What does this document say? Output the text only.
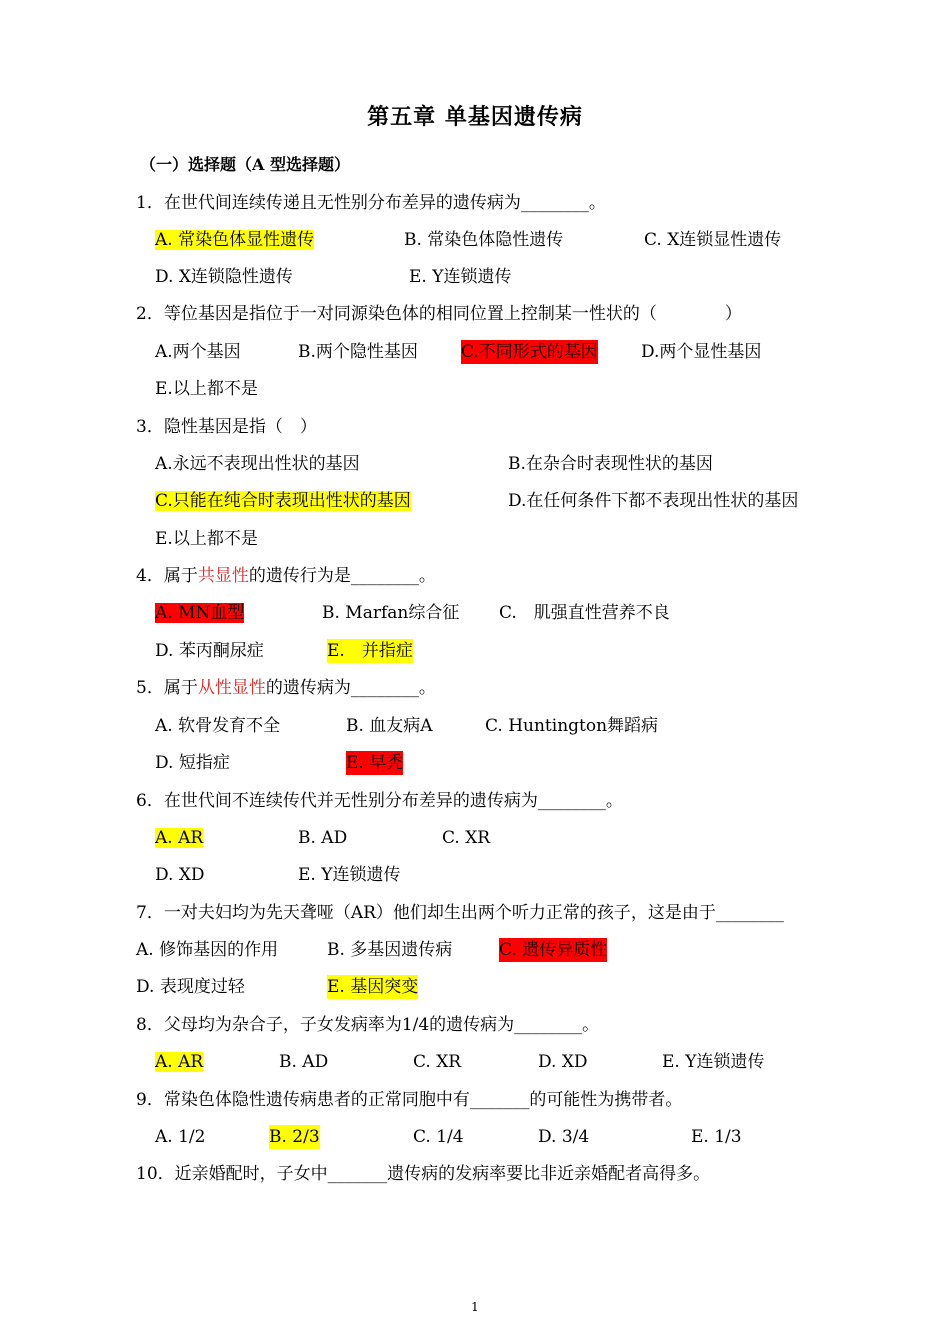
第五章 单基因遗传病
（一）选择题（A 型选择题）
1．在世代间连续传递且无性别分布差异的遗传病为________。
A. 常染色体显性遗传	B. 常染色体隐性遗传	C. X连锁显性遗传
D. X连锁隐性遗传	E. Y连锁遗传
2．等位基因是指位于一对同源染色体的相同位置上控制某一性状的（　　　　）
A.两个基因	B.两个隐性基因	C.不同形式的基因	D.两个显性基因
E.以上都不是
3．隐性基因是指（　）
A.永远不表现出性状的基因	B.在杂合时表现性状的基因
C.只能在纯合时表现出性状的基因	D.在任何条件下都不表现出性状的基因
E.以上都不是
4．属于共显性的遗传行为是________。
A. MN血型	B. Marfan综合征 C.　肌强直性营养不良
D. 苯丙酮尿症	E.　并指症
5．属于从性显性的遗传病为________。
A. 软骨发育不全	B. 血友病A	C. Huntington舞蹈病
D. 短指症	E. 早秃
6．在世代间不连续传代并无性别分布差异的遗传病为________。
A. AR	B. AD	C. XR
D. XD	E. Y连锁遗传
7．一对夫妇均为先天聋哑（AR）他们却生出两个听力正常的孩子，这是由于________
A. 修饰基因的作用	B. 多基因遗传病	C. 遗传异质性
D. 表现度过轻	E. 基因突变
8．父母均为杂合子，子女发病率为1/4的遗传病为________。
A. AR	B. AD	C. XR	D. XD	E. Y连锁遗传
9．常染色体隐性遗传病患者的正常同胞中有_______的可能性为携带者。
A. 1/2	B. 2/3	C. 1/4	D. 3/4	E. 1/3
10．近亲婚配时，子女中_______遗传病的发病率要比非近亲婚配者高得多。
1
